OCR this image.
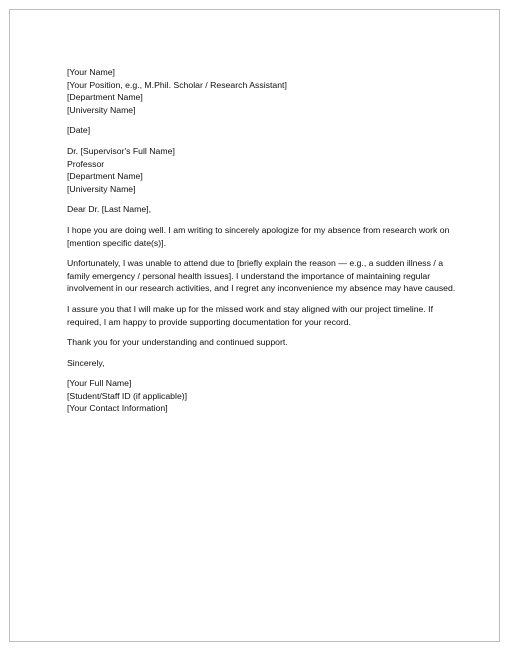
[Your Name]
[Your Position, e.g., M.Phil. Scholar / Research Assistant]
[Department Name]
[University Name]
[Date]
Dr. [Supervisor's Full Name]
Professor
[Department Name]
[University Name]
Dear Dr. [Last Name],
I hope you are doing well. I am writing to sincerely apologize for my absence from research work on [mention specific date(s)].
Unfortunately, I was unable to attend due to [briefly explain the reason — e.g., a sudden illness / a family emergency / personal health issues]. I understand the importance of maintaining regular involvement in our research activities, and I regret any inconvenience my absence may have caused.
I assure you that I will make up for the missed work and stay aligned with our project timeline. If required, I am happy to provide supporting documentation for your record.
Thank you for your understanding and continued support.
Sincerely,
[Your Full Name]
[Student/Staff ID (if applicable)]
[Your Contact Information]
